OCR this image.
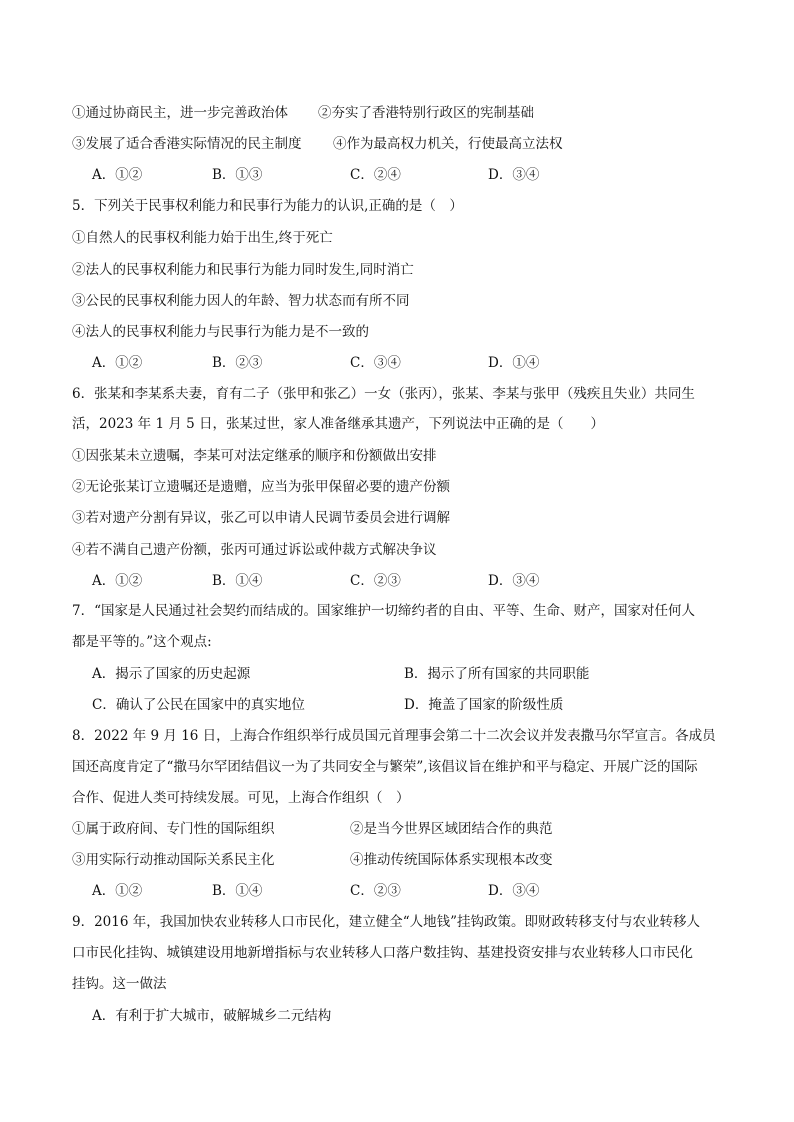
①通过协商民主，进一步完善政治体 ②夯实了香港特别行政区的宪制基础
③发展了适合香港实际情况的民主制度 ④作为最高权力机关，行使最高立法权
A．①②	B．①③	C．②④	D．③④
5．下列关于民事权利能力和民事行为能力的认识,正确的是（　）
①自然人的民事权利能力始于出生,终于死亡
②法人的民事权利能力和民事行为能力同时发生,同时消亡
③公民的民事权利能力因人的年龄、智力状态而有所不同
④法人的民事权利能力与民事行为能力是不一致的
A．①②	B．②③	C．③④	D．①④
6．张某和李某系夫妻，育有二子（张甲和张乙）一女（张丙），张某、李某与张甲（残疾且失业）共同生
活，2023 年 1 月 5 日，张某过世，家人准备继承其遗产，下列说法中正确的是（　　）
①因张某未立遗嘱，李某可对法定继承的顺序和份额做出安排
②无论张某订立遗嘱还是遗赠，应当为张甲保留必要的遗产份额
③若对遗产分割有异议，张乙可以申请人民调节委员会进行调解
④若不满自己遗产份额，张丙可通过诉讼或仲裁方式解决争议
A．①②	B．①④	C．②③	D．③④
7．“国家是人民通过社会契约而结成的。国家维护一切缔约者的自由、平等、生命、财产，国家对任何人
都是平等的。”这个观点:
A．揭示了国家的历史起源	B．揭示了所有国家的共同职能
C．确认了公民在国家中的真实地位	D．掩盖了国家的阶级性质
8．2022 年 9 月 16 日，上海合作组织举行成员国元首理事会第二十二次会议并发表撒马尔罕宣言。各成员
国还高度肯定了“撒马尔罕团结倡议一为了共同安全与繁荣”,该倡议旨在维护和平与稳定、开展广泛的国际
合作、促进人类可持续发展。可见，上海合作组织（　）
①属于政府间、专门性的国际组织	②是当今世界区域团结合作的典范
③用实际行动推动国际关系民主化	④推动传统国际体系实现根本改变
A．①②	B．①④	C．②③	D．③④
9．2016 年，我国加快农业转移人口市民化，建立健全“人地钱”挂钩政策。即财政转移支付与农业转移人
口市民化挂钩、城镇建设用地新增指标与农业转移人口落户数挂钩、基建投资安排与农业转移人口市民化
挂钩。这一做法
A．有利于扩大城市，破解城乡二元结构
